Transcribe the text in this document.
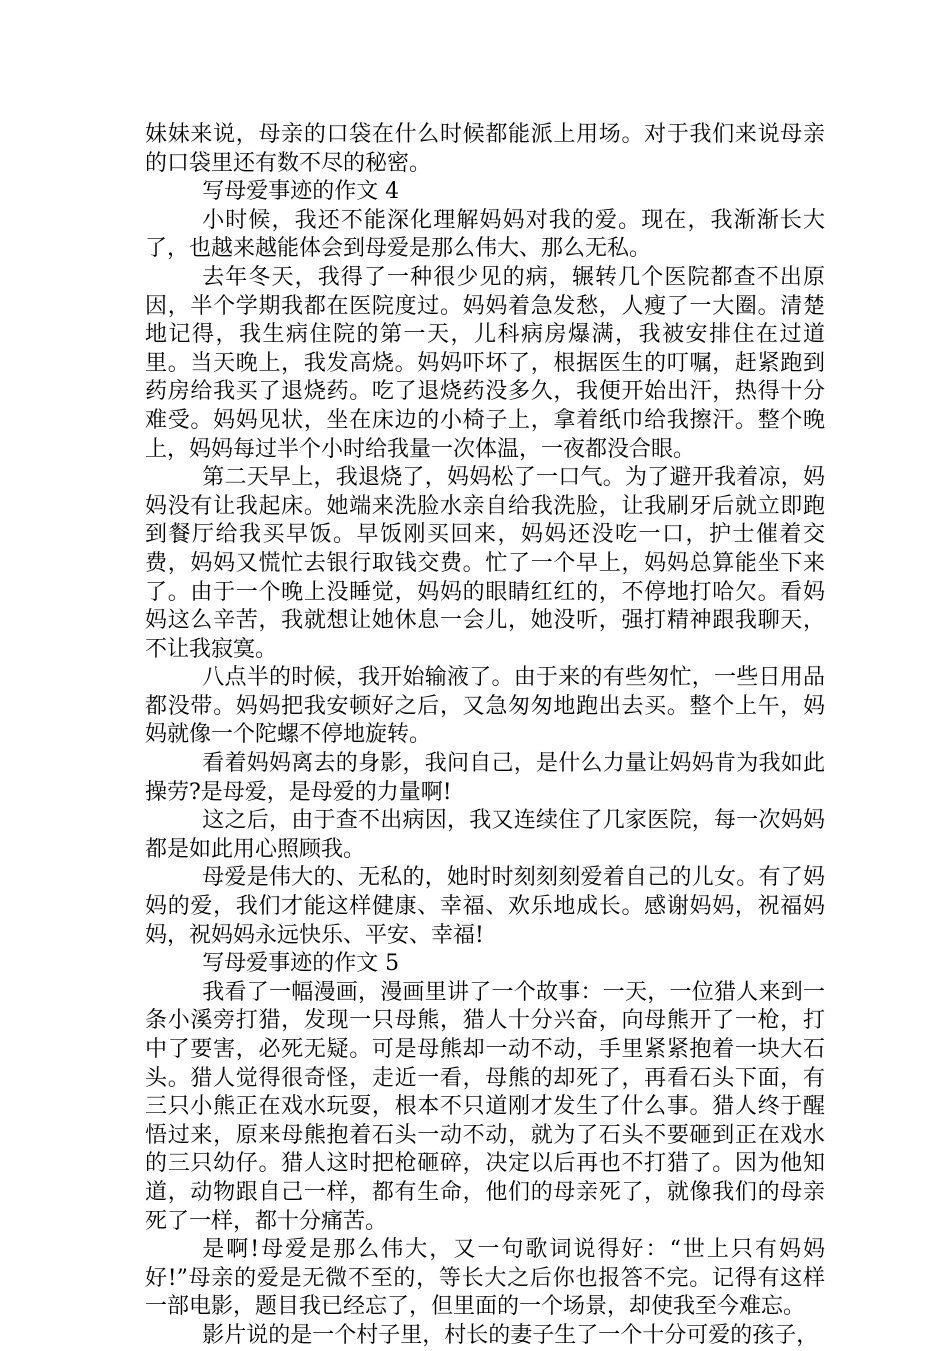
妹妹来说，母亲的口袋在什么时候都能派上用场。对于我们来说母亲的口袋里还有数不尽的秘密。

写母爱事迹的作文 4

小时候，我还不能深化理解妈妈对我的爱。现在，我渐渐长大了，也越来越能体会到母爱是那么伟大、那么无私。

去年冬天，我得了一种很少见的病，辗转几个医院都查不出原因，半个学期我都在医院度过。妈妈着急发愁，人瘦了一大圈。清楚地记得，我生病住院的第一天，儿科病房爆满，我被安排住在过道里。当天晚上，我发高烧。妈妈吓坏了，根据医生的叮嘱，赶紧跑到药房给我买了退烧药。吃了退烧药没多久，我便开始出汗，热得十分难受。妈妈见状，坐在床边的小椅子上，拿着纸巾给我擦汗。整个晚上，妈妈每过半个小时给我量一次体温，一夜都没合眼。

第二天早上，我退烧了，妈妈松了一口气。为了避开我着凉，妈妈没有让我起床。她端来洗脸水亲自给我洗脸，让我刷牙后就立即跑到餐厅给我买早饭。早饭刚买回来，妈妈还没吃一口，护士催着交费，妈妈又慌忙去银行取钱交费。忙了一个早上，妈妈总算能坐下来了。由于一个晚上没睡觉，妈妈的眼睛红红的，不停地打哈欠。看妈妈这么辛苦，我就想让她休息一会儿，她没听，强打精神跟我聊天，不让我寂寞。

八点半的时候，我开始输液了。由于来的有些匆忙，一些日用品都没带。妈妈把我安顿好之后，又急匆匆地跑出去买。整个上午，妈妈就像一个陀螺不停地旋转。

看着妈妈离去的身影，我问自己，是什么力量让妈妈肯为我如此操劳?是母爱，是母爱的力量啊!

这之后，由于查不出病因，我又连续住了几家医院，每一次妈妈都是如此用心照顾我。

母爱是伟大的、无私的，她时时刻刻刻爱着自己的儿女。有了妈妈的爱，我们才能这样健康、幸福、欢乐地成长。感谢妈妈，祝福妈妈，祝妈妈永远快乐、平安、幸福!

写母爱事迹的作文 5

我看了一幅漫画，漫画里讲了一个故事：一天，一位猎人来到一条小溪旁打猎，发现一只母熊，猎人十分兴奋，向母熊开了一枪，打中了要害，必死无疑。可是母熊却一动不动，手里紧紧抱着一块大石头。猎人觉得很奇怪，走近一看，母熊的却死了，再看石头下面，有三只小熊正在戏水玩耍，根本不只道刚才发生了什么事。猎人终于醒悟过来，原来母熊抱着石头一动不动，就为了石头不要砸到正在戏水的三只幼仔。猎人这时把枪砸碎，决定以后再也不打猎了。因为他知道，动物跟自己一样，都有生命，他们的母亲死了，就像我们的母亲死了一样，都十分痛苦。

是啊!母爱是那么伟大，又一句歌词说得好：“世上只有妈妈好!”母亲的爱是无微不至的，等长大之后你也报答不完。记得有这样一部电影，题目我已经忘了，但里面的一个场景，却使我至今难忘。

影片说的是一个村子里，村长的妻子生了一个十分可爱的孩子，
